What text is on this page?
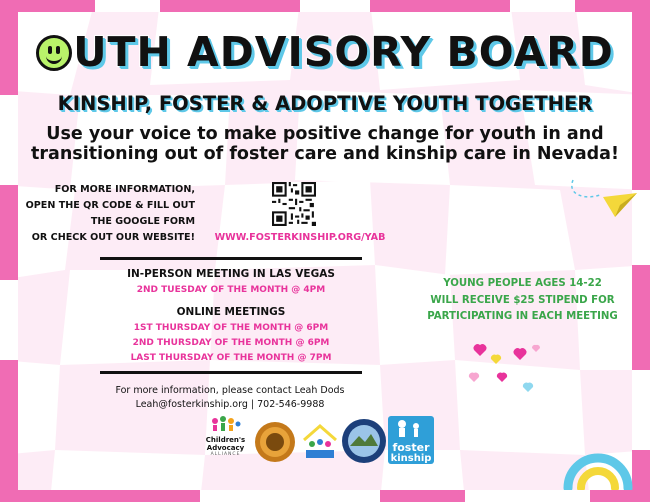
UTH ADVISORY BOARD
KINSHIP, FOSTER & ADOPTIVE YOUTH TOGETHER
Use your voice to make positive change for youth in and
transitioning out of foster care and kinship care in Nevada!
FOR MORE INFORMATION,
OPEN THE QR CODE & FILL OUT
THE GOOGLE FORM
OR CHECK OUT OUR WEBSITE!	WWW.FOSTERKINSHIP.ORG/YAB
IN-PERSON MEETING IN LAS VEGAS
2ND TUESDAY OF THE MONTH @ 4PM
ONLINE MEETINGS
1ST THURSDAY OF THE MONTH @ 6PM
2ND THURSDAY OF THE MONTH @ 6PM
LAST THURSDAY OF THE MONTH @ 7PM
YOUNG PEOPLE AGES 14-22
WILL RECEIVE $25 STIPEND FOR
PARTICIPATING IN EACH MEETING
For more information, please contact Leah Dods
Leah@fosterkinship.org | 702-546-9988
Children's
Advocacy
ALLIANCE
foster
kinship
